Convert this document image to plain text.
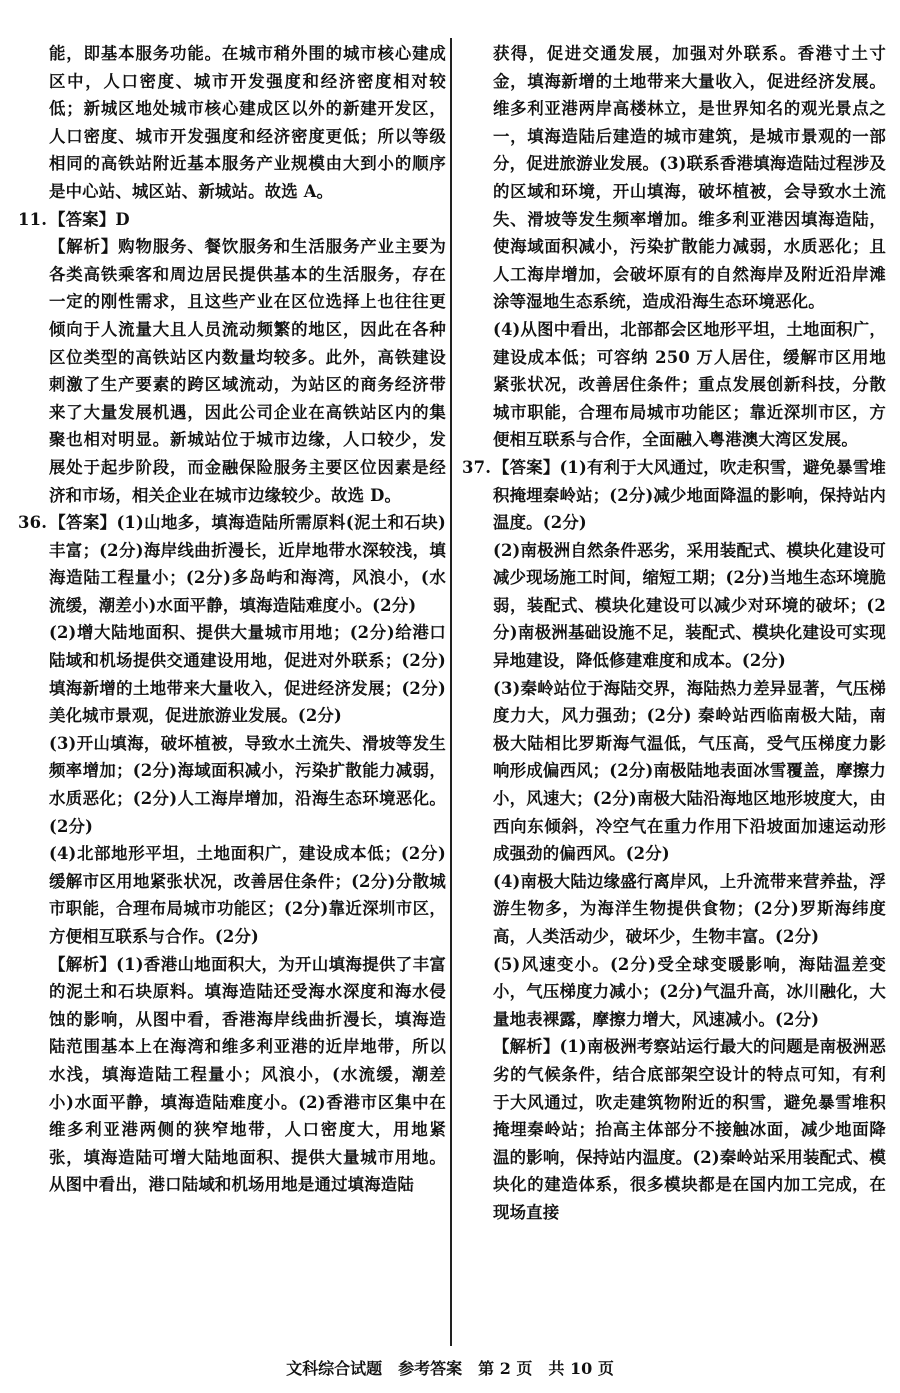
能，即基本服务功能。在城市稍外围的城市核心建成区中，人口密度、城市开发强度和经济密度相对较低；新城区地处城市核心建成区以外的新建开发区，人口密度、城市开发强度和经济密度更低；所以等级相同的高铁站附近基本服务产业规模由大到小的顺序是中心站、城区站、新城站。故选 A。

11. 【答案】D

【解析】购物服务、餐饮服务和生活服务产业主要为各类高铁乘客和周边居民提供基本的生活服务，存在一定的刚性需求，且这些产业在区位选择上也往往更倾向于人流量大且人员流动频繁的地区，因此在各种区位类型的高铁站区内数量均较多。此外，高铁建设刺激了生产要素的跨区域流动，为站区的商务经济带来了大量发展机遇，因此公司企业在高铁站区内的集聚也相对明显。新城站位于城市边缘，人口较少，发展处于起步阶段，而金融保险服务主要区位因素是经济和市场，相关企业在城市边缘较少。故选 D。

36. 【答案】(1)山地多，填海造陆所需原料(泥土和石块)丰富；(2分)海岸线曲折漫长，近岸地带水深较浅，填海造陆工程量小；(2分)多岛屿和海湾，风浪小，(水流缓，潮差小)水面平静，填海造陆难度小。(2分)

(2)增大陆地面积、提供大量城市用地；(2分)给港口陆域和机场提供交通建设用地，促进对外联系；(2分)填海新增的土地带来大量收入，促进经济发展；(2分)美化城市景观，促进旅游业发展。(2分)

(3)开山填海，破坏植被，导致水土流失、滑坡等发生频率增加；(2分)海域面积减小，污染扩散能力减弱，水质恶化；(2分)人工海岸增加，沿海生态环境恶化。(2分)

(4)北部地形平坦，土地面积广，建设成本低；(2分)缓解市区用地紧张状况，改善居住条件；(2分)分散城市职能，合理布局城市功能区；(2分)靠近深圳市区，方便相互联系与合作。(2分)

【解析】(1)香港山地面积大，为开山填海提供了丰富的泥土和石块原料。填海造陆还受海水深度和海水侵蚀的影响，从图中看，香港海岸线曲折漫长，填海造陆范围基本上在海湾和维多利亚港的近岸地带，所以水浅，填海造陆工程量小；风浪小，(水流缓，潮差小)水面平静，填海造陆难度小。(2)香港市区集中在维多利亚港两侧的狭窄地带，人口密度大，用地紧张，填海造陆可增大陆地面积、提供大量城市用地。从图中看出，港口陆域和机场用地是通过填海造陆

获得，促进交通发展，加强对外联系。香港寸土寸金，填海新增的土地带来大量收入，促进经济发展。维多利亚港两岸高楼林立，是世界知名的观光景点之一，填海造陆后建造的城市建筑，是城市景观的一部分，促进旅游业发展。(3)联系香港填海造陆过程涉及的区域和环境，开山填海，破坏植被，会导致水土流失、滑坡等发生频率增加。维多利亚港因填海造陆，使海域面积减小，污染扩散能力减弱，水质恶化；且人工海岸增加，会破坏原有的自然海岸及附近沿岸滩涂等湿地生态系统，造成沿海生态环境恶化。

(4)从图中看出，北部都会区地形平坦，土地面积广，建设成本低；可容纳 250 万人居住，缓解市区用地紧张状况，改善居住条件；重点发展创新科技，分散城市职能，合理布局城市功能区；靠近深圳市区，方便相互联系与合作，全面融入粤港澳大湾区发展。

37. 【答案】(1)有利于大风通过，吹走积雪，避免暴雪堆积掩埋秦岭站；(2分)减少地面降温的影响，保持站内温度。(2分)

(2)南极洲自然条件恶劣，采用装配式、模块化建设可减少现场施工时间，缩短工期；(2分)当地生态环境脆弱，装配式、模块化建设可以减少对环境的破坏；(2分)南极洲基础设施不足，装配式、模块化建设可实现异地建设，降低修建难度和成本。(2分)

(3)秦岭站位于海陆交界，海陆热力差异显著，气压梯度力大，风力强劲；(2分) 秦岭站西临南极大陆，南极大陆相比罗斯海气温低，气压高，受气压梯度力影响形成偏西风；(2分)南极陆地表面冰雪覆盖，摩擦力小，风速大；(2分)南极大陆沿海地区地形坡度大，由西向东倾斜，冷空气在重力作用下沿坡面加速运动形成强劲的偏西风。(2分)

(4)南极大陆边缘盛行离岸风，上升流带来营养盐，浮游生物多，为海洋生物提供食物；(2分)罗斯海纬度高，人类活动少，破坏少，生物丰富。(2分)

(5)风速变小。(2分)受全球变暖影响，海陆温差变小，气压梯度力减小；(2分)气温升高，冰川融化，大量地表裸露，摩擦力增大，风速减小。(2分)

【解析】(1)南极洲考察站运行最大的问题是南极洲恶劣的气候条件，结合底部架空设计的特点可知，有利于大风通过，吹走建筑物附近的积雪，避免暴雪堆积掩埋秦岭站；抬高主体部分不接触冰面，减少地面降温的影响，保持站内温度。(2)秦岭站采用装配式、模块化的建造体系，很多模块都是在国内加工完成，在现场直接

文科综合试题　参考答案　第 2 页　共 10 页
